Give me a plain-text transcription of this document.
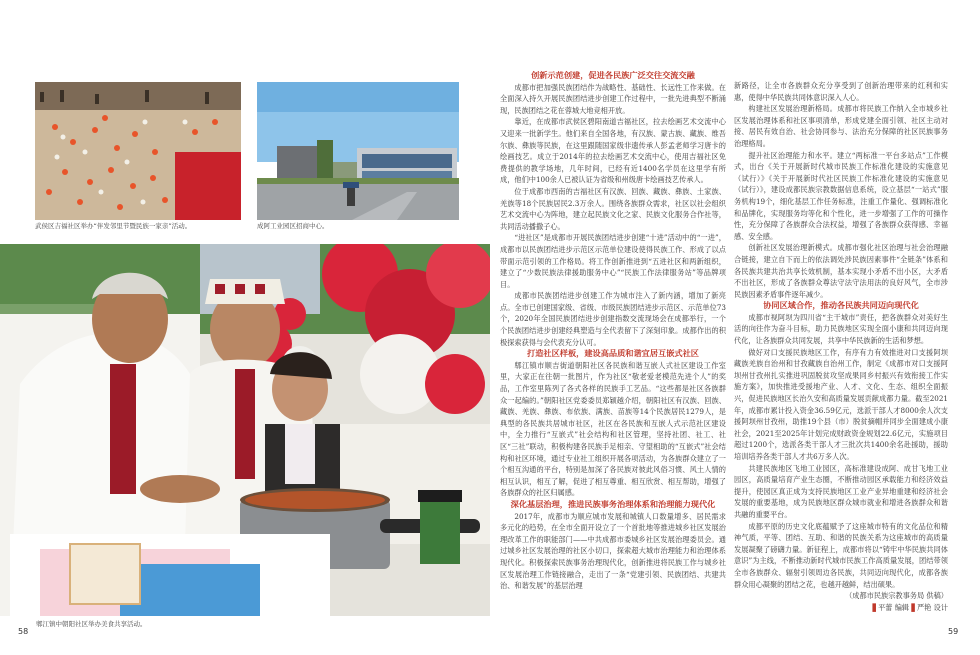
武侯区吉福社区举办“伴发邻里节暨民族一家亲”活动。	成阿工业园区招商中心。
郫江镇中朝阳社区举办美食共享活动。

创新示范创建，促进各民族广泛交往交流交融

成都市把加强民族团结作为战略性、基础性、长远性工作来做。在全面深入持久开展民族团结进步创建工作过程中，一批先进典型不断涌现，民族团结之花在蓉城大地竞相开放。

靠近，在成都市武侯区碧阳南道吉福社区，拉去绘画艺术交流中心又迎来一批新学生。他们来自全国各地，有汉族、蒙古族、藏族、维吾尔族、彝族等民族，在这里跟随国家级非遗传承人彭孟老师学习唐卡的绘画技艺。成立于2014年的拉去绘画艺术交流中心，使用吉福社区免费提供的教学场地，几年时间，已经有近1400名学员在这里学有所成，他们中100余人已被认证为省级和州级唐卡绘画技艺传承人。

位于成都市西南的吉福社区有汉族、回族、藏族、彝族、土家族、羌族等18个民族居民2.3万余人。围绕各族群众需求，社区以社会组织艺术交流中心为阵地，建立起民族文化之家、民族文化服务合作社等，共同活动播撒子心。

“进社区”是成都市开展民族团结进步创建“十进”活动中的“一进”，成都市以民族团结进步示范区示范单位建设使得民族工作、形成了以点带面示范引领的工作格局。将工作创新推进到“五进社区和两新组织，建立了“少数民族法律援助服务中心”“民族工作法律服务站”等品牌项目。

成都市民族团结进步创建工作为城市注入了新内涵，增加了新亮点。全市已创建国家级、省级、市级民族团结进步示范区、示范单位73个，2020年全国民族团结进步创建指数交流现场会在成都举行，一个个民族团结进步创建经典塑造与全代表留下了深刻印象。成都作出的积极探索获得与会代表充分认可。

打造社区样板，建设高品质和谐宜居互嵌式社区

郫江镇市顺吉街道朝阳社区各民族和谐互嵌人式社区建设工作室里，大家正在往朝一批图片，作为社区“敬老爱老模范先进个人”的奖品，工作室里陈列了各式各样的民族手工艺品。“这些都是社区各族群众一起编的。”朝阳社区党委委员郑颖越介绍，朝阳社区有汉族、回族、藏族、羌族、彝族、布依族、满族、苗族等14个民族居民1279人，是典型的各民族共居城市社区，社区在各民族和互嵌人式示范社区建设中，全力推行“互嵌式”社会结构和社区管理，坚持社团、社工、社区“三社”联动，积极构建各民族手足相亲、守望相助的“互嵌式”社会结构和社区环境，通过专业社工组织开展各项活动，为各族群众建立了一个相互沟通的平台，特别是加深了各民族对彼此风俗习惯、风土人情的相互认识，相互了解，促进了相互尊重、相互欣赏、相互帮助，增强了各族群众的社区归属感。

深化基层治理，推进民族事务治理体系和治理能力现代化

2017年，成都市为顺应城市发展和城镇人口数量增多、居民需求多元化的趋势，在全市全面开设立了一个首批地等推进城乡社区发展治理改革工作的职能部门——中共成都市委城乡社区发展治理委员会。通过城乡社区发展治理的社区小切口，探索超大城市治理能力和治理体系现代化。积极探索民族事务治理现代化，创新推进将民族工作与城乡社区发展治理工作链接融合，走出了一条“党建引领、民族团结、共建共治、和谐发展”的基层治理

新路径，让全市各族群众充分享受到了创新治理带来的红利和实惠，使得中华民族共同体意识深入人心。

构建社区发展治理新格局。成都市将民族工作纳入全市城乡社区发展治理体系和社区事项清单，形成党建全面引领、社区主动对接、居民有效自治、社会协同参与、法治充分保障的社区民族事务治理格局。

提升社区治理能力和水平。建立“两标准一平台多站点”工作模式，出台《关于开展新时代城市民族工作标准化建设的实施意见（试行）》《关于开展新时代社区民族工作标准化建设的实施意见（试行）》，建设成都民族宗教数据信息系统，设立基层“一站式”服务机构19个，细化基层工作任务标准，注重工作量化、强调标准化和品牌化，实现服务均等化和个性化，进一步增强了工作的可操作性，充分保障了各族群众合法权益，增强了各族群众获得感、幸福感、安全感。

创新社区发展治理新模式。成都市强化社区治理与社会治理融合链接，建立自下而上的依法调处涉民族因素事件“全链条”体系和各民族共建共治共享长效机制，基本实现小矛盾不出小区，大矛盾不出社区，形成了各族群众尊法守法守法用法的良好风气，全市涉民族因素矛盾事件逐年减少。

协同区域合作，推动各民族共同迈向现代化

成都市视阿坝为四川省“主干城市”责任，把各族群众对美好生活的向往作为奋斗目标，助力民族地区实现全面小康和共同迈向现代化，让各族群众共同发展，共享中华民族新的生活和梦想。

做好对口支援民族地区工作，有序有力有效推进对口支援阿坝藏族羌族自治州和甘孜藏族自治州工作，制定《成都市对口支援阿坝州甘孜州扎实推进巩固脱贫攻坚成果同乡村振兴有效衔接工作实施方案》，加快推进受援地产业、人才、文化、生态、组织全面振兴，促进民族地区长治久安和高质量发展贡献成都力量。截至2021年，成都市累计投入资金36.59亿元，选派干部人才8000余人次支援阿坝州甘孜州，助推19个县（市）脱贫摘帽并同步全面建成小康社会，2021至2025年计划完成财政资金规划22.6亿元，实施项目超过1200个，选派各类干部人才三批次共1400余名赴援助，援助培训培养各类干部人才共6万多人次。

共建民族地区飞地工业园区，高标准建设成阿、成甘飞地工业园区，高质量培育产业生态圈，不断推动园区承载能力和经济效益提升，使园区真正成为支持民族地区工业产业异地重建和经济社会发展的重要基地，成为民族地区群众城市就业和增进各族群众和谐共融的重要平台。

成都平原的历史文化底蕴赋予了这座城市特有的文化品位和精神气质，平等、团结、互助、和谐的民族关系为这座城市的高质量发展凝聚了磅礴力量。新征程上，成都市将以“铸牢中华民族共同体意识”为主线，不断推动新时代城市民族工作高质量发展，团结带领全市各族群众、辐射引领周边各民族，共同迈向现代化，成都各族群众用心凝聚的团结之花，也越开越鲜，结出硕果。

（成都市民族宗教事务局 供稿）

▋平蕾 编辑 ▋严艳 设计

58	59
